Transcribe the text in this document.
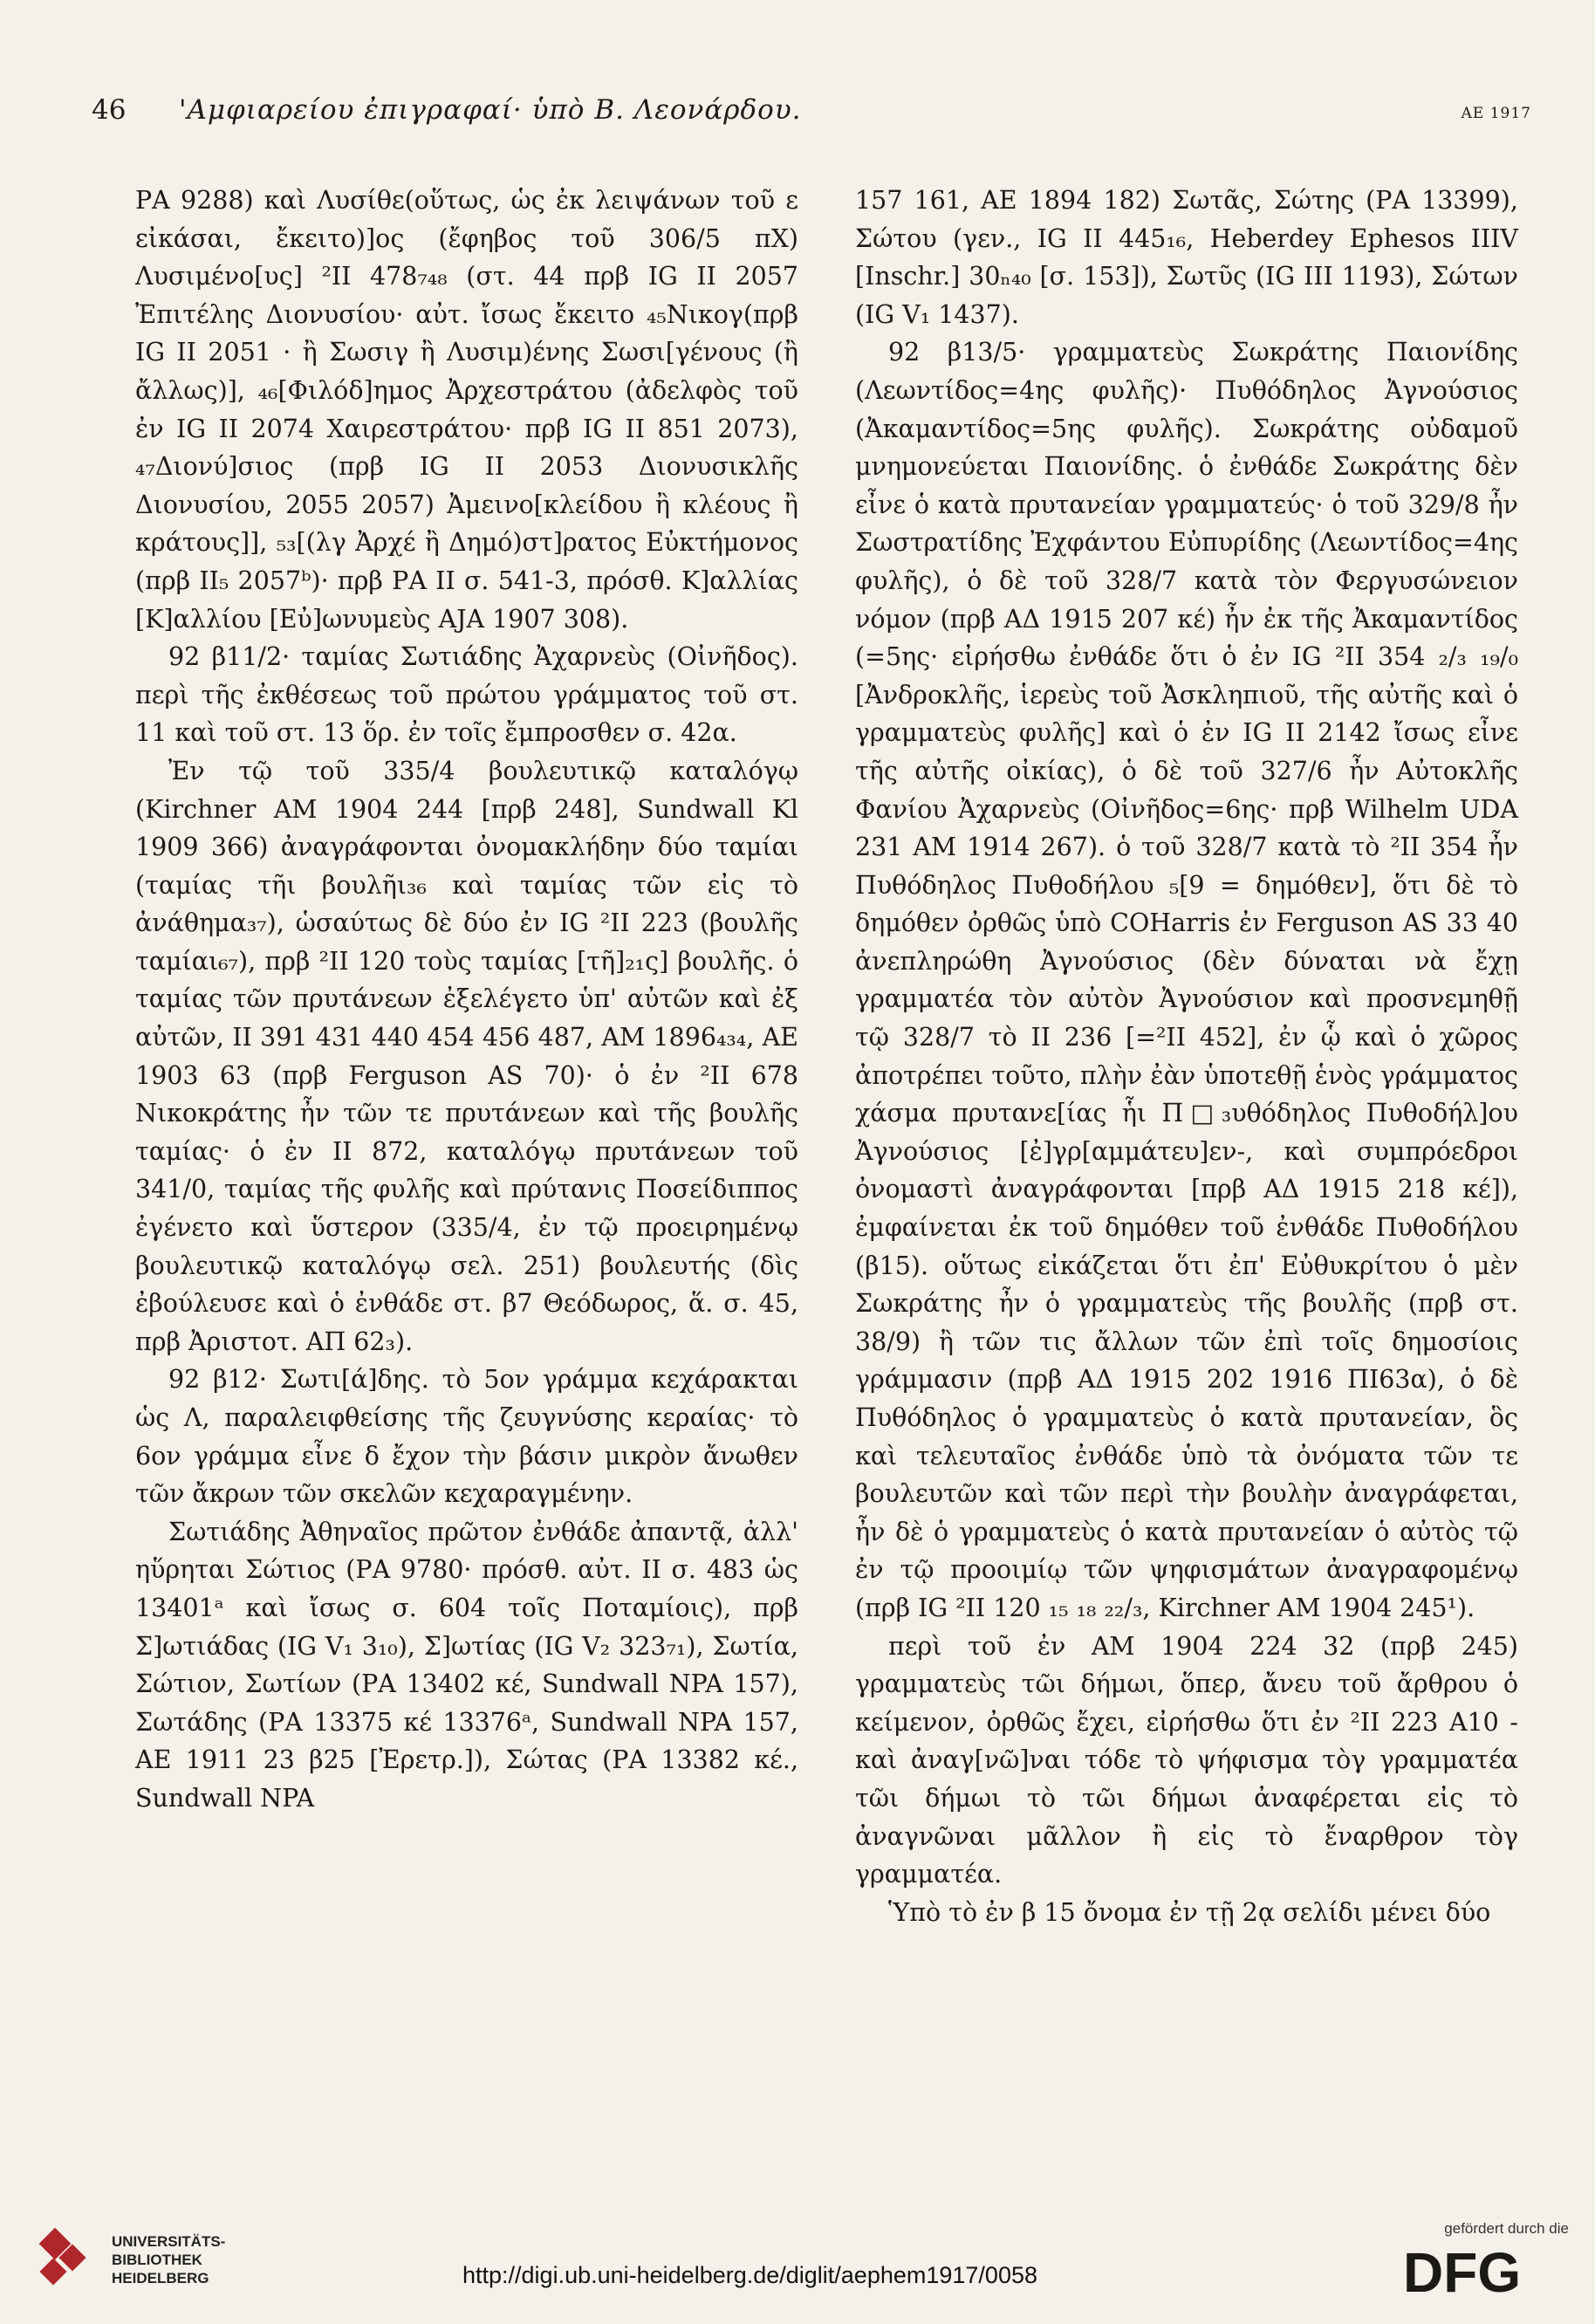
46 'Αμφιαρείου ἐπιγραφαί· ὑπὸ Β. Λεονάρδου.	ΑΕ 1917

ΡΑ 9288) καὶ Λυσίθε(οὕτως, ὡς ἐκ λειψάνων τοῦ ε εἰκάσαι, ἔκειτο)]ος (ἔφηβος τοῦ 306/5 πΧ) Λυσιμένο[υς] ²ΙΙ 478₇₄₈ (στ. 44 πρβ IG II 2057 Ἐπιτέλης Διονυσίου· αὐτ. ἴσως ἔκειτο ₄₅Νικογ(πρβ IG II 2051 · ἢ Σωσιγ ἢ Λυσιμ)ένης Σωσι[γένους (ἢ ἄλλως)], ₄₆[Φιλόδ]ημος Ἀρχεστράτου (ἀδελφὸς τοῦ ἐν IG II 2074 Χαιρεστράτου· πρβ IG II 851 2073), ₄₇Διονύ]σιος (πρβ IG II 2053 Διονυσικλῆς Διονυσίου, 2055 2057) Ἀμεινο[κλείδου ἢ κλέους ἢ κράτους]], ₅₃[(λγ Ἀρχέ ἢ Δημό)στ]ρατος Εὐκτήμονος (πρβ II₅ 2057ᵇ)· πρβ ΡΑ II σ. 541-3, πρόσθ. Κ]αλλίας [Κ]αλλίου [Εὐ]ωνυμεὺς AJA 1907 308).

92 β11/2· ταμίας Σωτιάδης Ἀχαρνεὺς (Οἰνῆδος). περὶ τῆς ἐκθέσεως τοῦ πρώτου γράμματος τοῦ στ. 11 καὶ τοῦ στ. 13 ὅρ. ἐν τοῖς ἔμπροσθεν σ. 42α.

Ἐν τῷ τοῦ 335/4 βουλευτικῷ καταλόγῳ (Kirchner AM 1904 244 [πρβ 248], Sundwall Kl 1909 366) ἀναγράφονται ὀνομακλήδην δύο ταμίαι (ταμίας τῆι βουλῆι₃₆ καὶ ταμίας τῶν εἰς τὸ ἀνάθημα₃₇), ὡσαύτως δὲ δύο ἐν IG ²II 223 (βουλῆς ταμίαι₆₇), πρβ ²II 120 τοὺς ταμίας [τῆ]₂₁ς] βουλῆς. ὁ ταμίας τῶν πρυτάνεων ἐξελέγετο ὑπ' αὐτῶν καὶ ἐξ αὐτῶν, II 391 431 440 454 456 487, AM 1896₄₃₄, AE 1903 63 (πρβ Ferguson AS 70)· ὁ ἐν ²II 678 Νικοκράτης ἦν τῶν τε πρυτάνεων καὶ τῆς βουλῆς ταμίας· ὁ ἐν II 872, καταλόγῳ πρυτάνεων τοῦ 341/0, ταμίας τῆς φυλῆς καὶ πρύτανις Ποσείδιππος ἐγένετο καὶ ὕστερον (335/4, ἐν τῷ προειρημένῳ βουλευτικῷ καταλόγῳ σελ. 251) βουλευτής (δὶς ἐβούλευσε καὶ ὁ ἐνθάδε στ. β7 Θεόδωρος, ἅ. σ. 45, πρβ Ἀριστοτ. ΑΠ 62₃).

92 β12· Σωτι[ά]δης. τὸ 5ον γράμμα κεχάρακται ὡς Λ, παραλειφθείσης τῆς ζευγνύσης κεραίας· τὸ 6ον γράμμα εἶνε δ ἔχον τὴν βάσιν μικρὸν ἄνωθεν τῶν ἄκρων τῶν σκελῶν κεχαραγμένην.

Σωτιάδης Ἀθηναῖος πρῶτον ἐνθάδε ἀπαντᾷ, ἀλλ' ηὕρηται Σώτιος (ΡΑ 9780· πρόσθ. αὐτ. II σ. 483 ὡς 13401ᵃ καὶ ἴσως σ. 604 τοῖς Ποταμίοις), πρβ Σ]ωτιάδας (IG V₁ 3₁₀), Σ]ωτίας (IG V₂ 323₇₁), Σωτία, Σώτιον, Σωτίων (ΡΑ 13402 κέ, Sundwall NPA 157), Σωτάδης (ΡΑ 13375 κέ 13376ᵃ, Sundwall NPA 157, AE 1911 23 β25 [Ἐρετρ.]), Σώτας (ΡΑ 13382 κέ., Sundwall NPA

157 161, AE 1894 182) Σωτᾶς, Σώτης (ΡΑ 13399), Σώτου (γεν., IG II 445₁₆, Heberdey Ephesos IIIV [Inschr.] 30ₙ₄₀ [σ. 153]), Σωτῦς (IG III 1193), Σώτων (IG V₁ 1437).

92 β13/5· γραμματεὺς Σωκράτης Παιονίδης (Λεωντίδος=4ης φυλῆς)· Πυθόδηλος Ἀγνούσιος (Ἀκαμαντίδος=5ης φυλῆς). Σωκράτης οὐδαμοῦ μνημονεύεται Παιονίδης. ὁ ἐνθάδε Σωκράτης δὲν εἶνε ὁ κατὰ πρυτανείαν γραμματεύς· ὁ τοῦ 329/8 ἦν Σωστρατίδης Ἐχφάντου Εὐπυρίδης (Λεωντίδος=4ης φυλῆς), ὁ δὲ τοῦ 328/7 κατὰ τὸν Φεργυσώνειον νόμον (πρβ ΑΔ 1915 207 κέ) ἦν ἐκ τῆς Ἀκαμαντίδος (=5ης· εἰρήσθω ἐνθάδε ὅτι ὁ ἐν IG ²II 354 ₂/₃ ₁₉/₀ [Ἀνδροκλῆς, ἱερεὺς τοῦ Ἀσκληπιοῦ, τῆς αὐτῆς καὶ ὁ γραμματεὺς φυλῆς] καὶ ὁ ἐν IG II 2142 ἴσως εἶνε τῆς αὐτῆς οἰκίας), ὁ δὲ τοῦ 327/6 ἦν Αὐτοκλῆς Φανίου Ἀχαρνεὺς (Οἰνῆδος=6ης· πρβ Wilhelm UDA 231 AM 1914 267). ὁ τοῦ 328/7 κατὰ τὸ ²II 354 ἦν Πυθόδηλος Πυθοδήλου ₅[9 = δημόθεν], ὅτι δὲ τὸ δημόθεν ὀρθῶς ὑπὸ COHarris ἐν Ferguson AS 33 40 ἀνεπληρώθη Ἀγνούσιος (δὲν δύναται νὰ ἔχῃ γραμματέα τὸν αὐτὸν Ἀγνούσιον καὶ προσνεμηθῇ τῷ 328/7 τὸ II 236 [=²II 452], ἐν ᾧ καὶ ὁ χῶρος ἀποτρέπει τοῦτο, πλὴν ἐὰν ὑποτεθῇ ἑνὸς γράμματος χάσμα πρυτανε[ίας ἧι Π□₃υθόδηλος Πυθοδήλ]ου Ἀγνούσιος [ἐ]γρ[αμμάτευ]εν-, καὶ συμπρόεδροι ὀνομαστὶ ἀναγράφονται [πρβ ΑΔ 1915 218 κέ]), ἐμφαίνεται ἐκ τοῦ δημόθεν τοῦ ἐνθάδε Πυθοδήλου (β15). οὕτως εἰκάζεται ὅτι ἐπ' Εὐθυκρίτου ὁ μὲν Σωκράτης ἦν ὁ γραμματεὺς τῆς βουλῆς (πρβ στ. 38/9) ἢ τῶν τις ἄλλων τῶν ἐπὶ τοῖς δημοσίοις γράμμασιν (πρβ ΑΔ 1915 202 1916 ΠΙ63α), ὁ δὲ Πυθόδηλος ὁ γραμματεὺς ὁ κατὰ πρυτανείαν, ὃς καὶ τελευταῖος ἐνθάδε ὑπὸ τὰ ὀνόματα τῶν τε βουλευτῶν καὶ τῶν περὶ τὴν βουλὴν ἀναγράφεται, ἦν δὲ ὁ γραμματεὺς ὁ κατὰ πρυτανείαν ὁ αὐτὸς τῷ ἐν τῷ προοιμίῳ τῶν ψηφισμάτων ἀναγραφομένῳ (πρβ IG ²II 120 ₁₅ ₁₈ ₂₂/₃, Kirchner AM 1904 245¹).

περὶ τοῦ ἐν AM 1904 224 32 (πρβ 245) γραμματεὺς τῶι δήμωι, ὅπερ, ἄνευ τοῦ ἄρθρου ὁ κείμενον, ὀρθῶς ἔχει, εἰρήσθω ὅτι ἐν ²II 223 A10 - καὶ ἀναγ[νῶ]ναι τόδε τὸ ψήφισμα τὸγ γραμματέα τῶι δήμωι τὸ τῶι δήμωι ἀναφέρεται εἰς τὸ ἀναγνῶναι μᾶλλον ἢ εἰς τὸ ἔναρθρον τὸγ γραμματέα.

Ὑπὸ τὸ ἐν β 15 ὄνομα ἐν τῇ 2ᾳ σελίδι μένει δύο

UNIVERSITÄTS-
BIBLIOTHEK
HEIDELBERG	http://digi.ub.uni-heidelberg.de/diglit/aephem1917/0058
gefördert durch die
DFG
